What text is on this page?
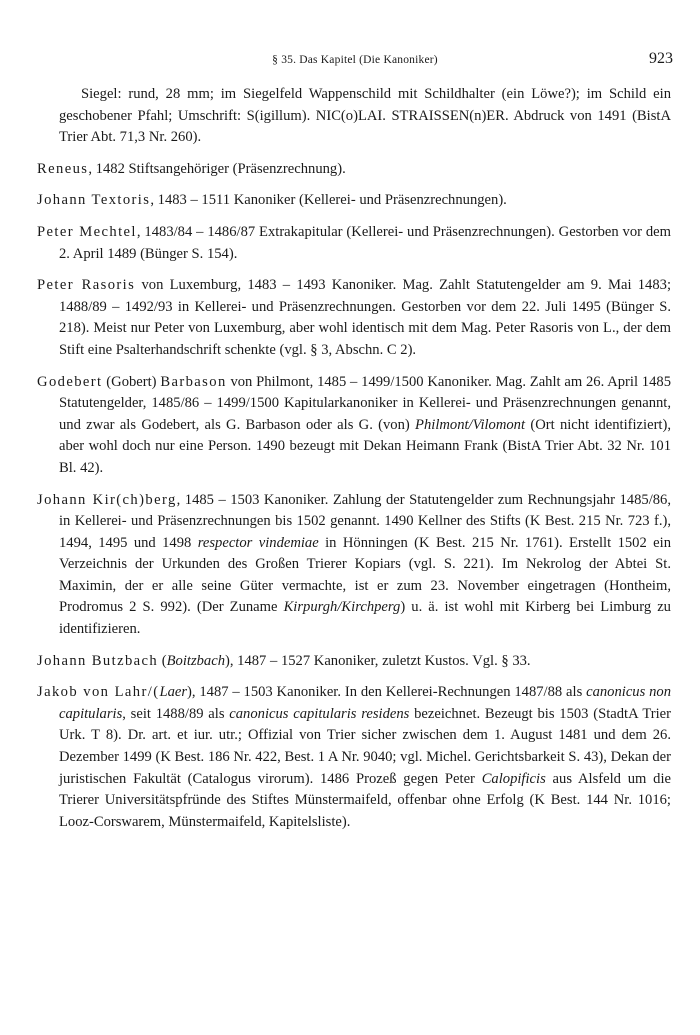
§ 35. Das Kapitel (Die Kanoniker)	923

Siegel: rund, 28 mm; im Siegelfeld Wappenschild mit Schildhalter (ein Löwe?); im Schild ein geschobener Pfahl; Umschrift: S(igillum). NIC(o)LAI. STRAISSEN(n)ER. Abdruck von 1491 (BistA Trier Abt. 71,3 Nr. 260).

Reneus, 1482 Stiftsangehöriger (Präsenzrechnung).

Johann Textoris, 1483 – 1511 Kanoniker (Kellerei- und Präsenzrechnungen).

Peter Mechtel, 1483/84 – 1486/87 Extrakapitular (Kellerei- und Präsenzrechnungen). Gestorben vor dem 2. April 1489 (Bünger S. 154).

Peter Rasoris von Luxemburg, 1483 – 1493 Kanoniker. Mag. Zahlt Statutengelder am 9. Mai 1483; 1488/89 – 1492/93 in Kellerei- und Präsenzrechnungen. Gestorben vor dem 22. Juli 1495 (Bünger S. 218). Meist nur Peter von Luxemburg, aber wohl identisch mit dem Mag. Peter Rasoris von L., der dem Stift eine Psalterhandschrift schenkte (vgl. § 3, Abschn. C 2).

Godebert (Gobert) Barbason von Philmont, 1485 – 1499/1500 Kanoniker. Mag. Zahlt am 26. April 1485 Statutengelder, 1485/86 – 1499/1500 Kapitularkanoniker in Kellerei- und Präsenzrechnungen genannt, und zwar als Godebert, als G. Barbason oder als G. (von) Philmont/Vilomont (Ort nicht identifiziert), aber wohl doch nur eine Person. 1490 bezeugt mit Dekan Heimann Frank (BistA Trier Abt. 32 Nr. 101 Bl. 42).

Johann Kir(ch)berg, 1485 – 1503 Kanoniker. Zahlung der Statutengelder zum Rechnungsjahr 1485/86, in Kellerei- und Präsenzrechnungen bis 1502 genannt. 1490 Kellner des Stifts (K Best. 215 Nr. 723 f.), 1494, 1495 und 1498 respector vindemiae in Hönningen (K Best. 215 Nr. 1761). Erstellt 1502 ein Verzeichnis der Urkunden des Großen Trierer Kopiars (vgl. S. 221). Im Nekrolog der Abtei St. Maximin, der er alle seine Güter vermachte, ist er zum 23. November eingetragen (Hontheim, Prodromus 2 S. 992). (Der Zuname Kirpurgh/Kirchperg) u. ä. ist wohl mit Kirberg bei Limburg zu identifizieren.

Johann Butzbach (Boitzbach), 1487 – 1527 Kanoniker, zuletzt Kustos. Vgl. § 33.

Jakob von Lahr/(Laer), 1487 – 1503 Kanoniker. In den Kellerei-Rechnungen 1487/88 als canonicus non capitularis, seit 1488/89 als canonicus capitularis residens bezeichnet. Bezeugt bis 1503 (StadtA Trier Urk. T 8). Dr. art. et iur. utr.; Offizial von Trier sicher zwischen dem 1. August 1481 und dem 26. Dezember 1499 (K Best. 186 Nr. 422, Best. 1 A Nr. 9040; vgl. Michel. Gerichtsbarkeit S. 43), Dekan der juristischen Fakultät (Catalogus virorum). 1486 Prozeß gegen Peter Calopificis aus Alsfeld um die Trierer Universitätspfründe des Stiftes Münstermaifeld, offenbar ohne Erfolg (K Best. 144 Nr. 1016; Looz-Corswarem, Münstermaifeld, Kapitelsliste).
